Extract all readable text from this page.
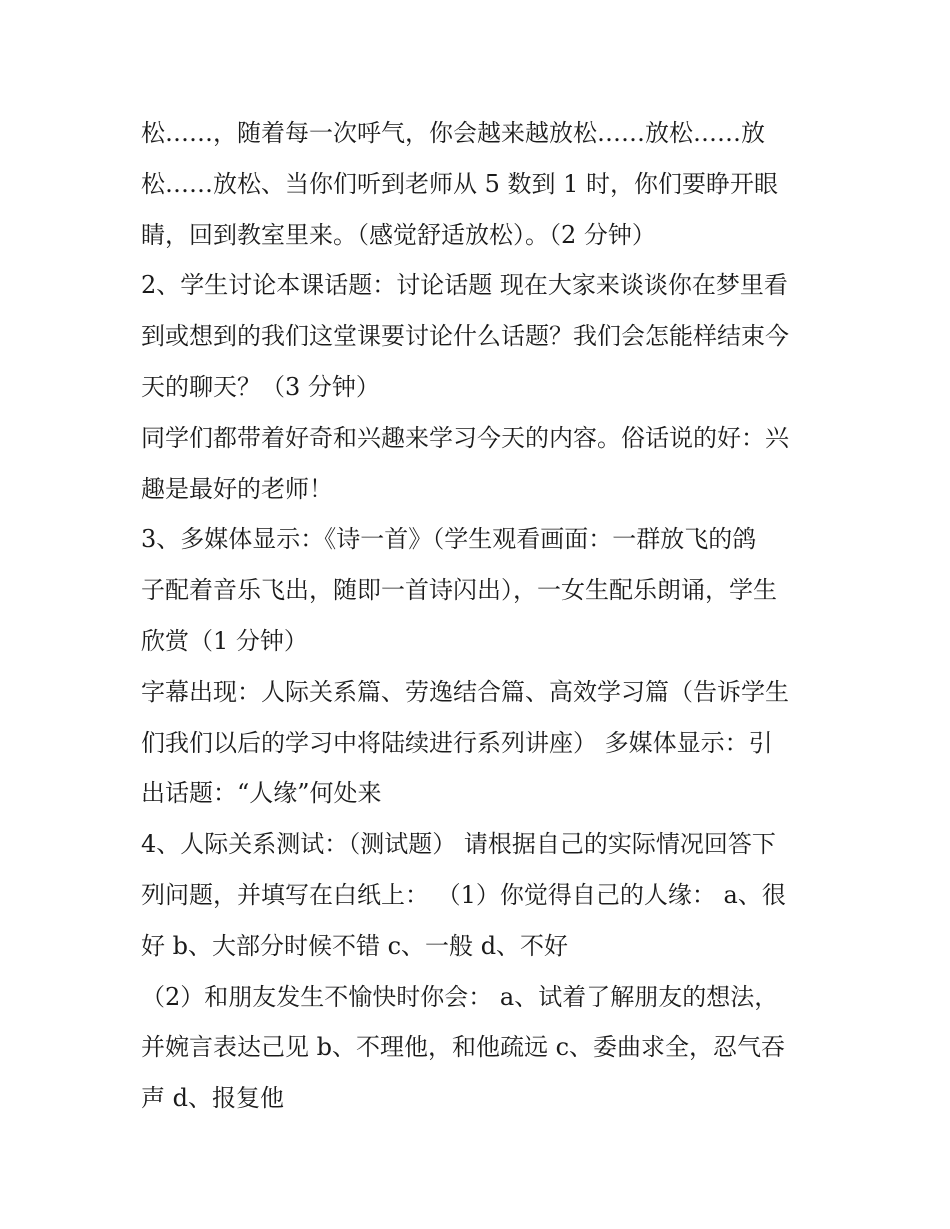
松……，随着每一次呼气，你会越来越放松……放松……放
松……放松、当你们听到老师从 5 数到 1 时，你们要睁开眼
睛，回到教室里来。（感觉舒适放松）。（2 分钟）
2、学生讨论本课话题：讨论话题 现在大家来谈谈你在梦里看
到或想到的我们这堂课要讨论什么话题？我们会怎能样结束今
天的聊天？（3 分钟）
同学们都带着好奇和兴趣来学习今天的内容。俗话说的好：兴
趣是最好的老师！
3、多媒体显示：《诗一首》（学生观看画面：一群放飞的鸽
子配着音乐飞出，随即一首诗闪出），一女生配乐朗诵，学生
欣赏（1 分钟）
字幕出现：人际关系篇、劳逸结合篇、高效学习篇（告诉学生
们我们以后的学习中将陆续进行系列讲座） 多媒体显示：引
出话题：“人缘”何处来
4、人际关系测试：（测试题） 请根据自己的实际情况回答下
列问题，并填写在白纸上： （1）你觉得自己的人缘： a、很
好 b、大部分时候不错 c、一般 d、不好
（2）和朋友发生不愉快时你会： a、试着了解朋友的想法，
并婉言表达己见 b、不理他，和他疏远 c、委曲求全，忍气吞
声 d、报复他
